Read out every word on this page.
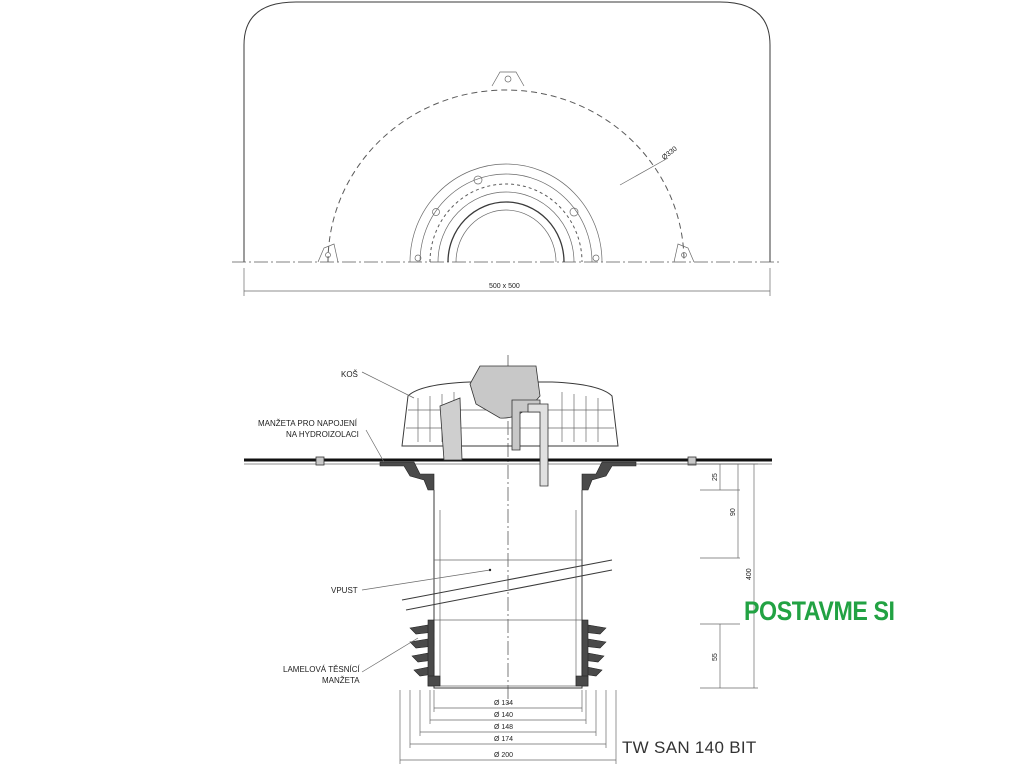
Ø330
500 x 500
KOŠ
MANŽETA PRO NAPOJENÍ
NA HYDROIZOLACI
VPUST
LAMELOVÁ TĚSNÍCÍ
MANŽETA
25
90
400
55
Ø 134
Ø 140
Ø 148
Ø 174
Ø 200
POSTAVME SI
TW SAN 140 BIT
